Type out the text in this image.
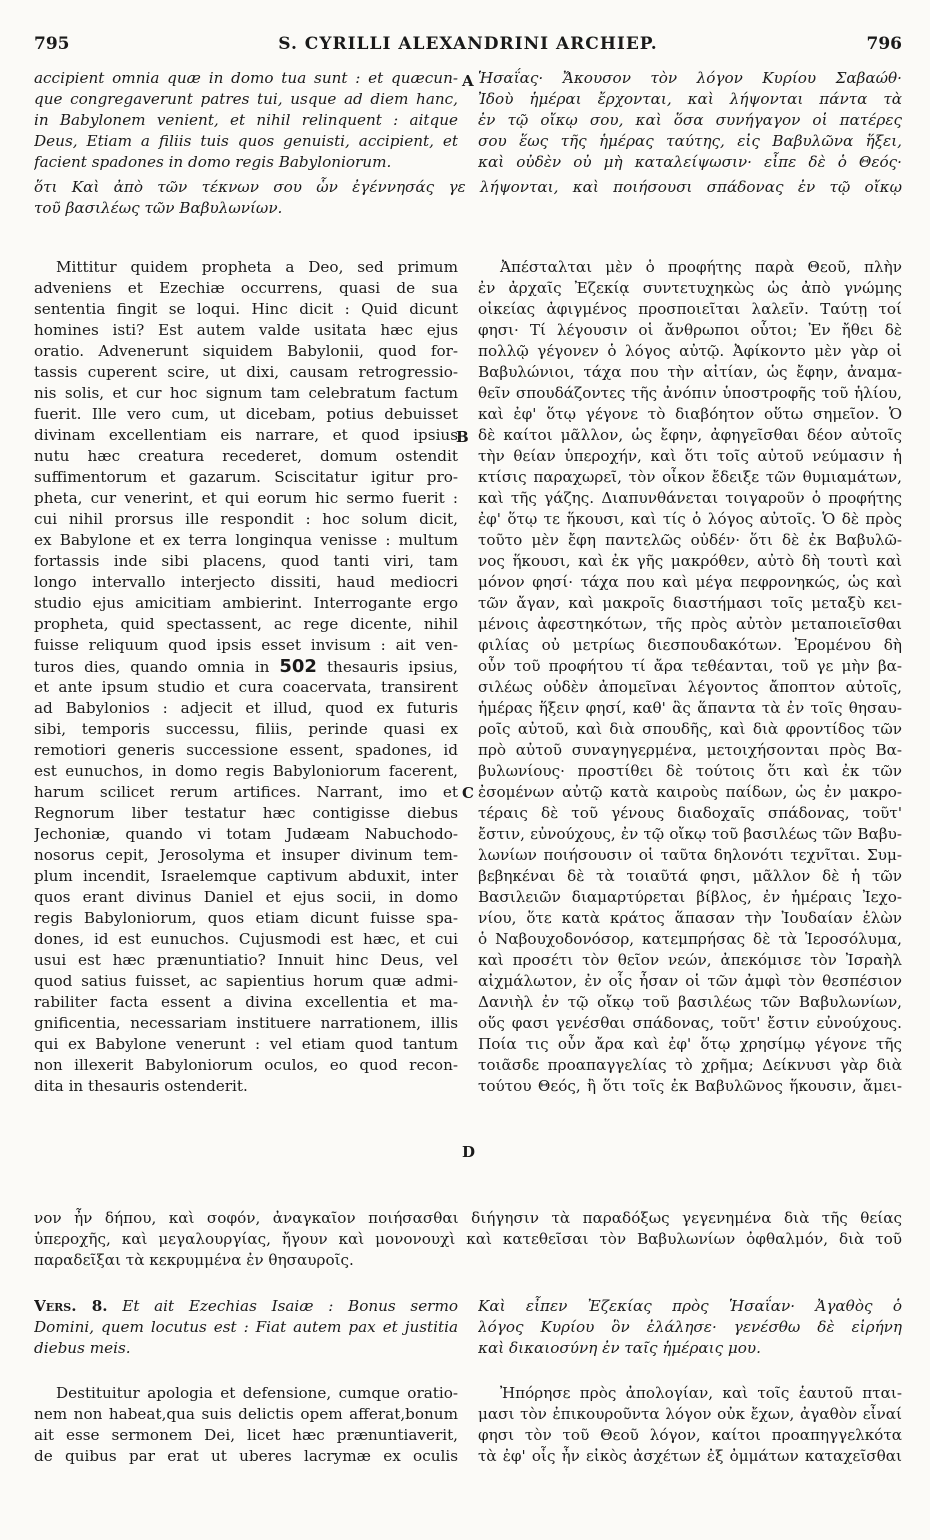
795	S. CYRILLI ALEXANDRINI ARCHIEP.	796
A
B
C
D
accipient omnia quæ in domo tua sunt : et quæcun-
que congregaverunt patres tui, usque ad diem hanc,
in Babylonem venient, et nihil relinquent : aitque
Deus, Etiam a filiis tuis quos genuisti, accipient, et
facient spadones in domo regis Babyloniorum.
Ἡσαΐας· Ἄκουσον τὸν λόγον Κυρίου Σαβαώθ·
Ἰδοὺ ἡμέραι ἔρχονται, καὶ λήψονται πάντα τὰ
ἐν τῷ οἴκῳ σου, καὶ ὅσα συνήγαγον οἱ πατέρες
σου ἕως τῆς ἡμέρας ταύτης, εἰς Βαβυλῶνα ἥξει,
καὶ οὐδὲν οὐ μὴ καταλείψωσιν· εἶπε δὲ ὁ Θεός·
ὅτι Καὶ ἀπὸ τῶν τέκνων σου ὧν ἐγέννησάς γε λήψονται, καὶ ποιήσουσι σπάδονας ἐν τῷ οἴκῳ
τοῦ βασιλέως τῶν Βαβυλωνίων.
Mittitur quidem propheta a Deo, sed primum
adveniens et Ezechiæ occurrens, quasi de sua
sententia fingit se loqui. Hinc dicit : Quid dicunt
homines isti? Est autem valde usitata hæc ejus
oratio. Advenerunt siquidem Babylonii, quod for-
tassis cuperent scire, ut dixi, causam retrogressio-
nis solis, et cur hoc signum tam celebratum factum
fuerit. Ille vero cum, ut dicebam, potius debuisset
divinam excellentiam eis narrare, et quod ipsius
nutu hæc creatura recederet, domum ostendit
suffimentorum et gazarum. Sciscitatur igitur pro-
pheta, cur venerint, et qui eorum hic sermo fuerit :
cui nihil prorsus ille respondit : hoc solum dicit,
ex Babylone et ex terra longinqua venisse : multum
fortassis inde sibi placens, quod tanti viri, tam
longo intervallo interjecto dissiti, haud mediocri
studio ejus amicitiam ambierint. Interrogante ergo
propheta, quid spectassent, ac rege dicente, nihil
fuisse reliquum quod ipsis esset invisum : ait ven-
turos dies, quando omnia in 502 thesauris ipsius,
et ante ipsum studio et cura coacervata, transirent
ad Babylonios : adjecit et illud, quod ex futuris
sibi, temporis successu, filiis, perinde quasi ex
remotiori generis successione essent, spadones, id
est eunuchos, in domo regis Babyloniorum facerent,
harum scilicet rerum artifices. Narrant, imo et
Regnorum liber testatur hæc contigisse diebus
Jechoniæ, quando vi totam Judæam Nabuchodo-
nosorus cepit, Jerosolyma et insuper divinum tem-
plum incendit, Israelemque captivum abduxit, inter
quos erant divinus Daniel et ejus socii, in domo
regis Babyloniorum, quos etiam dicunt fuisse spa-
dones, id est eunuchos. Cujusmodi est hæc, et cui
usui est hæc prænuntiatio? Innuit hinc Deus, vel
quod satius fuisset, ac sapientius horum quæ admi-
rabiliter facta essent a divina excellentia et ma-
gnificentia, necessariam instituere narrationem, illis
qui ex Babylone venerunt : vel etiam quod tantum
non illexerit Babyloniorum oculos, eo quod recon-
dita in thesauris ostenderit.
Ἀπέσταλται μὲν ὁ προφήτης παρὰ Θεοῦ, πλὴν
ἐν ἀρχαῖς Ἐζεκίᾳ συντετυχηκὼς ὡς ἀπὸ γνώμης
οἰκείας ἀφιγμένος προσποιεῖται λαλεῖν. Ταύτῃ τοί
φησι· Τί λέγουσιν οἱ ἄνθρωποι οὗτοι; Ἐν ἤθει δὲ
πολλῷ γέγονεν ὁ λόγος αὐτῷ. Ἀφίκοντο μὲν γὰρ οἱ
Βαβυλώνιοι, τάχα που τὴν αἰτίαν, ὡς ἔφην, ἀναμα-
θεῖν σπουδάζοντες τῆς ἀνόπιν ὑποστροφῆς τοῦ ἡλίου,
καὶ ἐφ' ὅτῳ γέγονε τὸ διαβόητον οὕτω σημεῖον. Ὁ
δὲ καίτοι μᾶλλον, ὡς ἔφην, ἀφηγεῖσθαι δέον αὐτοῖς
τὴν θείαν ὑπεροχήν, καὶ ὅτι τοῖς αὐτοῦ νεύμασιν ἡ
κτίσις παραχωρεῖ, τὸν οἶκον ἔδειξε τῶν θυμιαμάτων,
καὶ τῆς γάζης. Διαπυνθάνεται τοιγαροῦν ὁ προφήτης
ἐφ' ὅτῳ τε ἥκουσι, καὶ τίς ὁ λόγος αὐτοῖς. Ὁ δὲ πρὸς
τοῦτο μὲν ἔφη παντελῶς οὐδέν· ὅτι δὲ ἐκ Βαβυλῶ-
νος ἥκουσι, καὶ ἐκ γῆς μακρόθεν, αὐτὸ δὴ τουτὶ καὶ
μόνον φησί· τάχα που καὶ μέγα πεφρονηκώς, ὡς καὶ
τῶν ἄγαν, καὶ μακροῖς διαστήμασι τοῖς μεταξὺ κει-
μένοις ἀφεστηκότων, τῆς πρὸς αὐτὸν μεταποιεῖσθαι
φιλίας οὐ μετρίως διεσπουδακότων. Ἐρομένου δὴ
οὖν τοῦ προφήτου τί ἄρα τεθέανται, τοῦ γε μὴν βα-
σιλέως οὐδὲν ἀπομεῖναι λέγοντος ἄποπτον αὐτοῖς,
ἡμέρας ἥξειν φησί, καθ' ἃς ἅπαντα τὰ ἐν τοῖς θησαυ-
ροῖς αὐτοῦ, καὶ διὰ σπουδῆς, καὶ διὰ φροντίδος τῶν
πρὸ αὐτοῦ συναγηγερμένα, μετοιχήσονται πρὸς Βα-
βυλωνίους· προστίθει δὲ τούτοις ὅτι καὶ ἐκ τῶν
ἐσομένων αὐτῷ κατὰ καιροὺς παίδων, ὡς ἐν μακρο-
τέραις δὲ τοῦ γένους διαδοχαῖς σπάδονας, τοῦτ'
ἔστιν, εὐνούχους, ἐν τῷ οἴκῳ τοῦ βασιλέως τῶν Βαβυ-
λωνίων ποιήσουσιν οἱ ταῦτα δηλονότι τεχνῖται. Συμ-
βεβηκέναι δὲ τὰ τοιαῦτά φησι, μᾶλλον δὲ ἡ τῶν
Βασιλειῶν διαμαρτύρεται βίβλος, ἐν ἡμέραις Ἰεχο-
νίου, ὅτε κατὰ κράτος ἅπασαν τὴν Ἰουδαίαν ἑλὼν
ὁ Ναβουχοδονόσορ, κατεμπρήσας δὲ τὰ Ἱεροσόλυμα,
καὶ προσέτι τὸν θεῖον νεών, ἀπεκόμισε τὸν Ἰσραὴλ
αἰχμάλωτον, ἐν οἷς ἦσαν οἱ τῶν ἀμφὶ τὸν θεσπέσιον
Δανιὴλ ἐν τῷ οἴκῳ τοῦ βασιλέως τῶν Βαβυλωνίων,
οὕς φασι γενέσθαι σπάδονας, τοῦτ' ἔστιν εὐνούχους.
Ποία τις οὖν ἄρα καὶ ἐφ' ὅτῳ χρησίμῳ γέγονε τῆς
τοιᾶσδε προαπαγγελίας τὸ χρῆμα; Δείκνυσι γὰρ διὰ
τούτου Θεός, ἢ ὅτι τοῖς ἐκ Βαβυλῶνος ἥκουσιν, ἄμει-
νον ἦν δήπου, καὶ σοφόν, ἀναγκαῖον ποιήσασθαι διήγησιν τὰ παραδόξως γεγενημένα διὰ τῆς θείας
ὑπεροχῆς, καὶ μεγαλουργίας, ἤγουν καὶ μονονουχὶ καὶ κατεθεῖσαι τὸν Βαβυλωνίων ὀφθαλμόν, διὰ τοῦ
παραδεῖξαι τὰ κεκρυμμένα ἐν θησαυροῖς.
Vers. 8. Et ait Ezechias Isaiæ : Bonus sermo
Domini, quem locutus est : Fiat autem pax et justitia
diebus meis.
Καὶ εἶπεν Ἐζεκίας πρὸς Ἡσαΐαν· Ἀγαθὸς ὁ
λόγος Κυρίου ὃν ἐλάλησε· γενέσθω δὲ εἰρήνη
καὶ δικαιοσύνη ἐν ταῖς ἡμέραις μου.
Destituitur apologia et defensione, cumque oratio-
nem non habeat,qua suis delictis opem afferat,bonum
ait esse sermonem Dei, licet hæc prænuntiaverit,
de quibus par erat ut uberes lacrymæ ex oculis
Ἠπόρησε πρὸς ἀπολογίαν, καὶ τοῖς ἑαυτοῦ πται-
μασι τὸν ἐπικουροῦντα λόγον οὐκ ἔχων, ἀγαθὸν εἶναί
φησι τὸν τοῦ Θεοῦ λόγον, καίτοι προαπηγγελκότα
τὰ ἐφ' οἷς ἦν εἰκὸς ἀσχέτων ἐξ ὀμμάτων καταχεῖσθαι
